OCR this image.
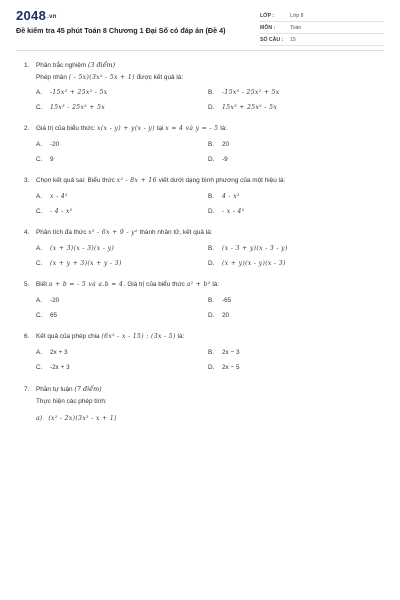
2048.vn
Đề kiểm tra 45 phút Toán 8 Chương 1 Đại Số có đáp án (Đề 4)
LỚP :	Lớp 8
MÔN :	Toán
SỐ CÂU :	15
1.	Phần trắc nghiệm (3 điểm)
Phép nhân ( - 5x)(3x² - 5x + 1) được kết quả là:
A.	-15x³ + 25x² - 5x	B.	-15x³ - 25x² + 5x
C.	15x³ - 25x² + 5x	D.	15x³ + 25x² - 5x
2.	Giá trị của biểu thức: x(x - y) + y(x - y) tại x = 4 và y = - 5 là:
A.	-20	B.	20
C.	9	D.	-9
3.	Chọn kết quả sai: Biểu thức x² - 8x + 16 viết dưới dạng bình phương của một hiệu là:
A.	x - 4²	B.	4 - x²
C.	- 4 - x²	D.	- x - 4²
4.	Phân tích đa thức x² - 6x + 9 - y² thành nhân tử, kết quả là:
A.	(x + 3)(x - 3)(x - y)	B.	(x - 3 + y)(x - 3 - y)
C.	(x + y + 3)(x + y - 3)	D.	(x + y)(x - y)(x - 3)
5.	Biết a + b = - 5 và a.b = 4. Giá trị của biểu thức a² + b² là:
A.	-20	B.	-65
C.	65	D.	20
6.	Kết quả của phép chia (6x² - x - 15) : (3x - 5) là:
A.	2x + 3	B.	2x − 3
C.	-2x + 3	D.	2x − 5
7.	Phần tự luận (7 điểm)
Thực hiện các phép tính:
a) (x² - 2x)(3x² - x + 1)
